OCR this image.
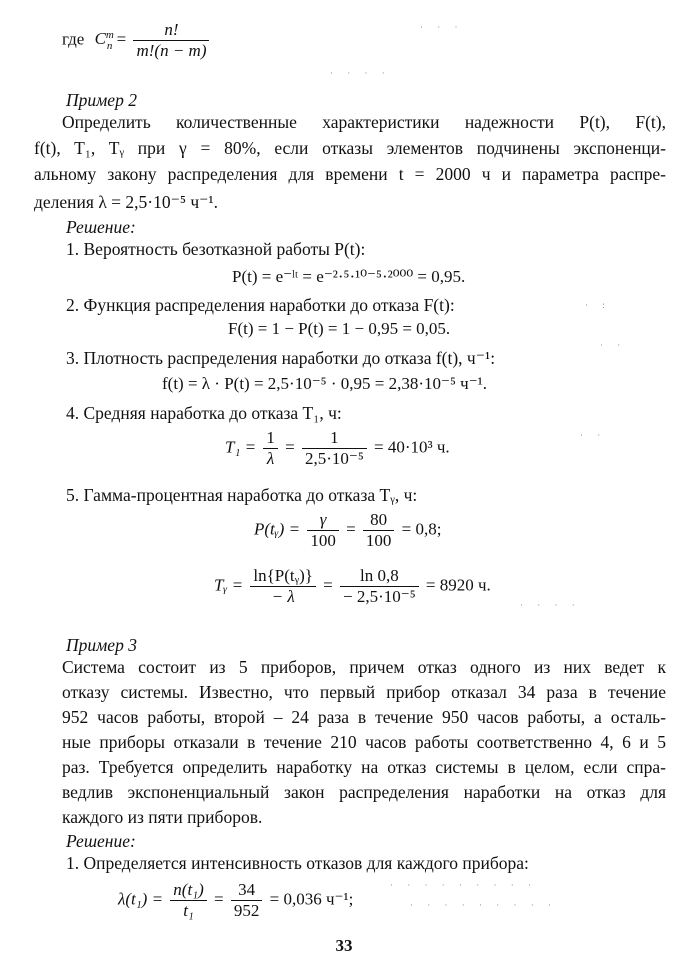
где $C^m_n = \frac{n!}{m!(n - m)}$
Пример 2
Определить количественные характеристики надежности P(t), F(t),
f(t), T₁, Tᵧ при γ = 80%, если отказы элементов подчинены экспоненци-
альному закону распределения для времени t = 2000 ч и параметра распре-
деления λ = 2,5·10⁻⁵ ч⁻¹.
Решение:
1. Вероятность безотказной работы P(t):
P(t) = e⁻ˡᵗ = e⁻²·⁵·¹⁰⁻⁵·²⁰⁰⁰ = 0,95.
2. Функция распределения наработки до отказа F(t):
F(t) = 1 − P(t) = 1 − 0,95 = 0,05.
3. Плотность распределения наработки до отказа f(t), ч⁻¹:
f(t) = λ · P(t) = 2,5·10⁻⁵ · 0,95 = 2,38·10⁻⁵ ч⁻¹.
4. Средняя наработка до отказа T₁, ч:
$T_1 = \frac{1}{\lambda} = \frac{1}{\text{2,5·10⁻⁵}} = 40\cdot 10^3$ ч.
5. Гамма-процентная наработка до отказа Tᵧ, ч:
P(tᵧ) = $\frac{\gamma}{100} = \frac{80}{100} = 0,8$;
Tᵧ = $\frac{\text{ln\{P(tᵧ)\}}}{- \lambda} = \frac{\ln 0,8}{\text{− 2,5·10⁻⁵}} = 8920$ ч.
Пример 3
Система состоит из 5 приборов, причем отказ одного из них ведет к
отказу системы. Известно, что первый прибор отказал 34 раза в течение
952 часов работы, второй – 24 раза в течение 950 часов работы, а осталь-
ные приборы отказали в течение 210 часов работы соответственно 4, 6 и 5
раз. Требуется определить наработку на отказ системы в целом, если спра-
ведлив экспоненциальный закон распределения наработки на отказ для
каждого из пяти приборов.
Решение:
1. Определяется интенсивность отказов для каждого прибора:
$\lambda(t_1) = \frac{\text{n(t₁)}}{\text{t₁}} = \frac{34}{952} = 0,036$ ч⁻¹;
· · ·
· · · ·
· :
· ·
· ·
· · · ·
· · · · · · · · ·
· · · · · · · · ·
33
